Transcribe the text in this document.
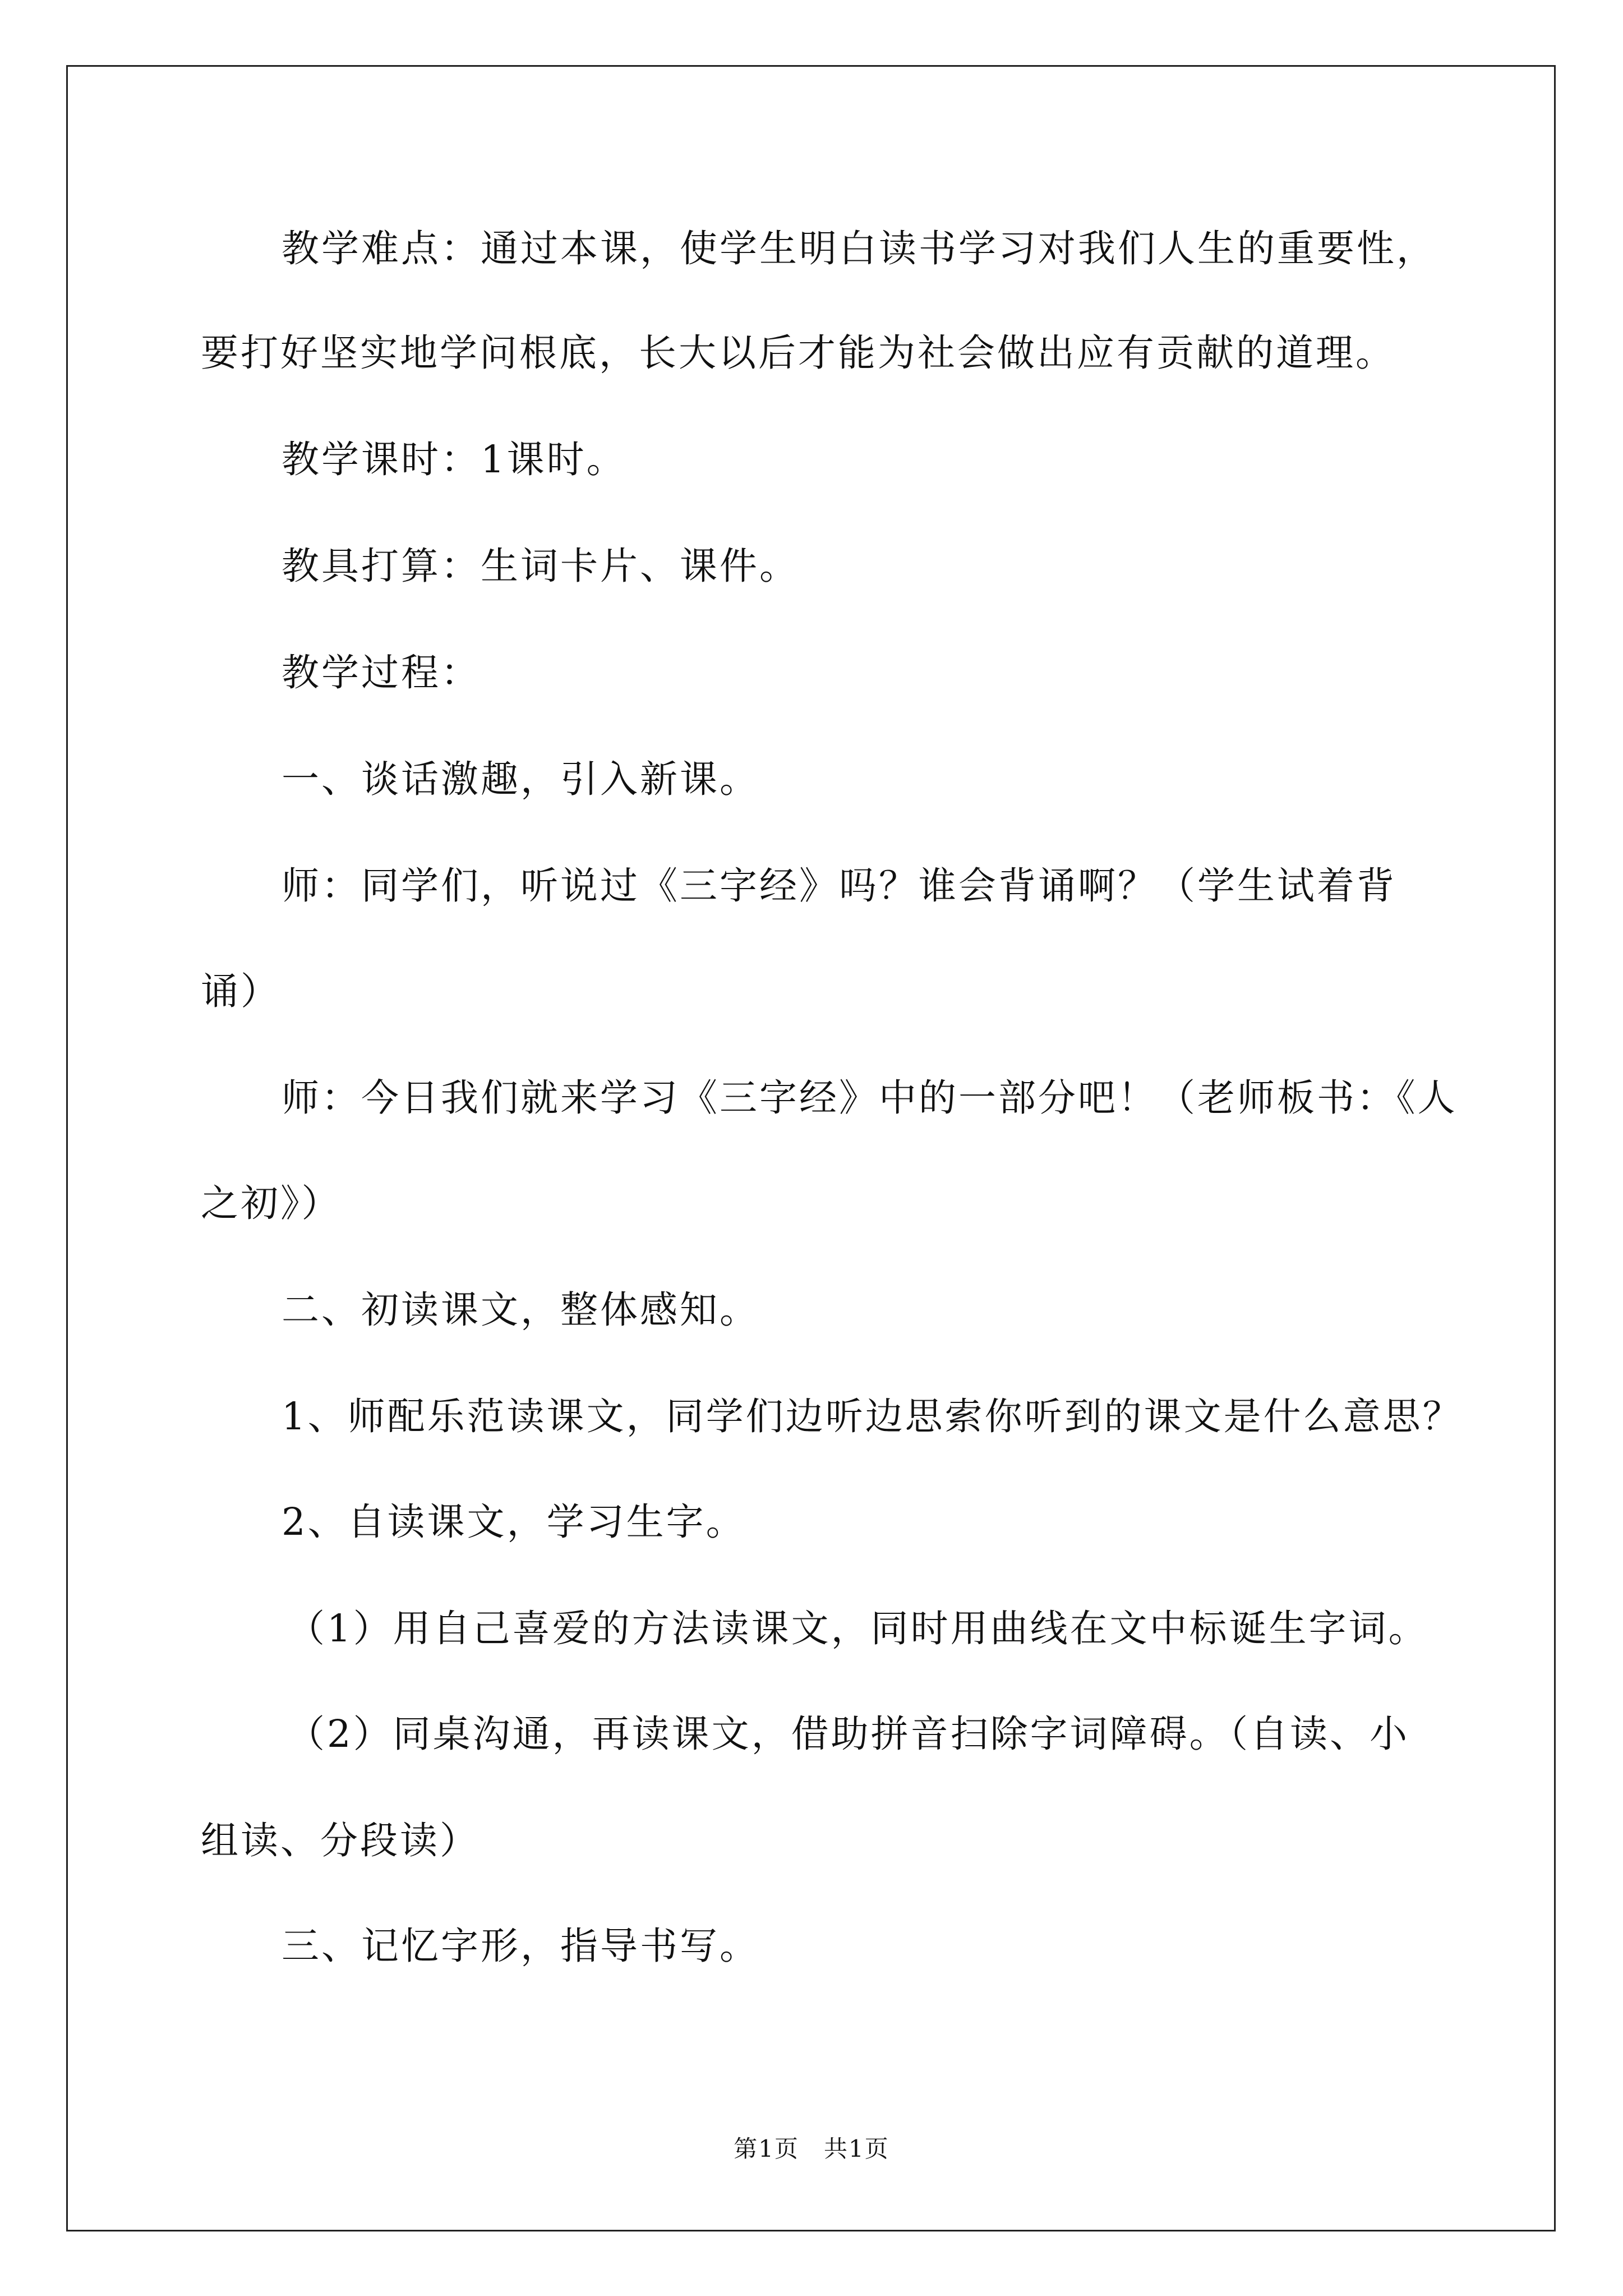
教学难点：通过本课，使学生明白读书学习对我们人生的重要性，
要打好坚实地学问根底，长大以后才能为社会做出应有贡献的道理。
教学课时：1课时。
教具打算：生词卡片、课件。
教学过程：
一、谈话激趣，引入新课。
师：同学们，听说过《三字经》吗？谁会背诵啊？（学生试着背
诵）
师：今日我们就来学习《三字经》中的一部分吧！（老师板书：《人
之初》）
二、初读课文，整体感知。
1、师配乐范读课文，同学们边听边思索你听到的课文是什么意思？
2、自读课文，学习生字。
（1）用自己喜爱的方法读课文，同时用曲线在文中标诞生字词。
（2）同桌沟通，再读课文，借助拼音扫除字词障碍。（自读、小
组读、分段读）
三、记忆字形，指导书写。
第1页　共1页
